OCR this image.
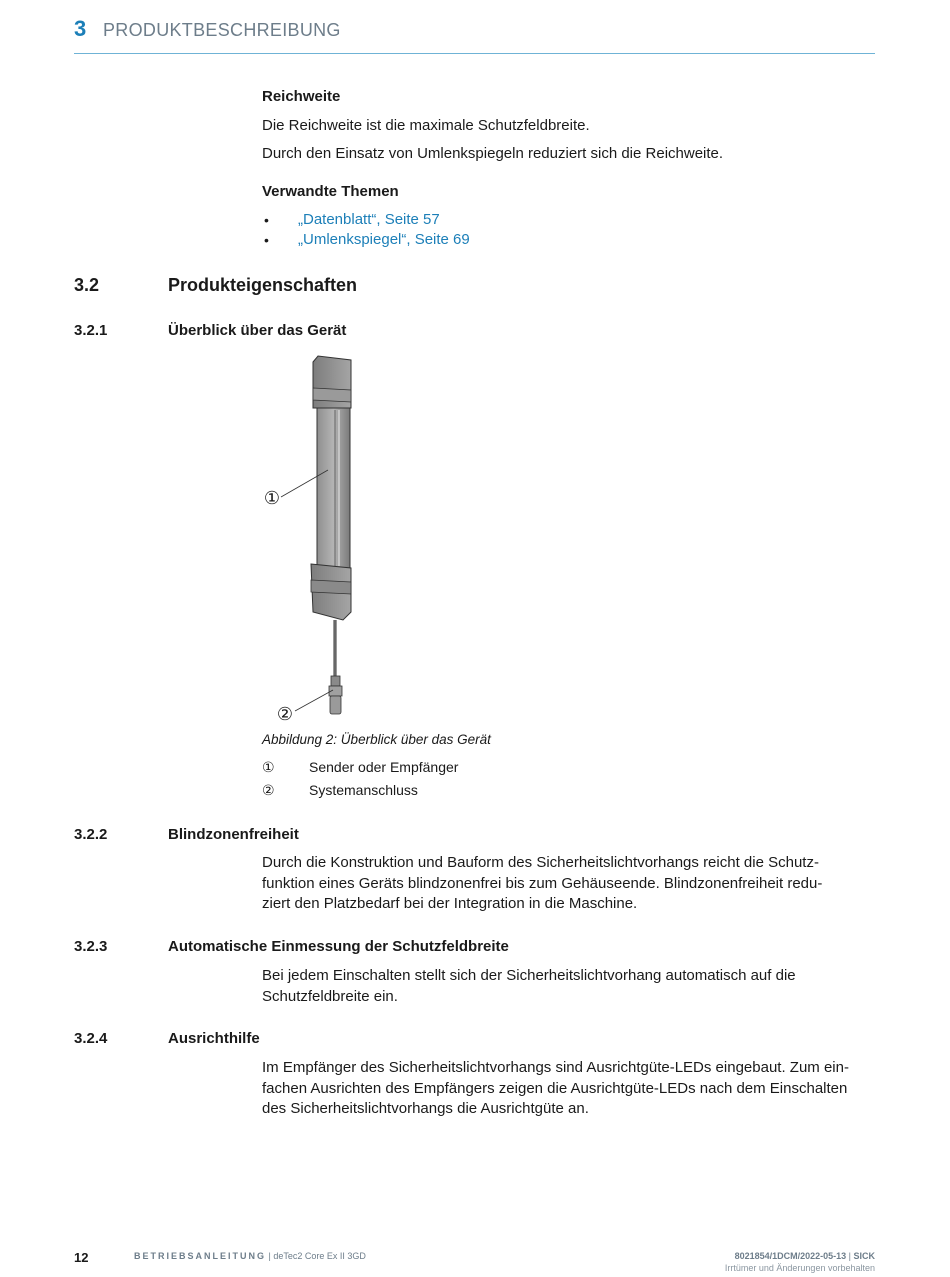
3 PRODUKTBESCHREIBUNG
Reichweite
Die Reichweite ist die maximale Schutzfeldbreite.
Durch den Einsatz von Umlenkspiegeln reduziert sich die Reichweite.
Verwandte Themen
• „Datenblatt“, Seite 57
• „Umlenkspiegel“, Seite 69
3.2	Produkteigenschaften
3.2.1	Überblick über das Gerät
①
②
Abbildung 2: Überblick über das Gerät
① Sender oder Empfänger
② Systemanschluss
3.2.2	Blindzonenfreiheit
Durch die Konstruktion und Bauform des Sicherheitslichtvorhangs reicht die Schutz-
funktion eines Geräts blindzonenfrei bis zum Gehäuseende. Blindzonenfreiheit redu-
ziert den Platzbedarf bei der Integration in die Maschine.
3.2.3	Automatische Einmessung der Schutzfeldbreite
Bei jedem Einschalten stellt sich der Sicherheitslichtvorhang automatisch auf die
Schutzfeldbreite ein.
3.2.4	Ausrichthilfe
Im Empfänger des Sicherheitslichtvorhangs sind Ausrichtgüte-LEDs eingebaut. Zum ein-
fachen Ausrichten des Empfängers zeigen die Ausrichtgüte-LEDs nach dem Einschalten
des Sicherheitslichtvorhangs die Ausrichtgüte an.
12	BETRIEBSANLEITUNG | deTec2 Core Ex II 3GD	8021854/1DCM/2022-05-13 | SICK
Irrtümer und Änderungen vorbehalten
